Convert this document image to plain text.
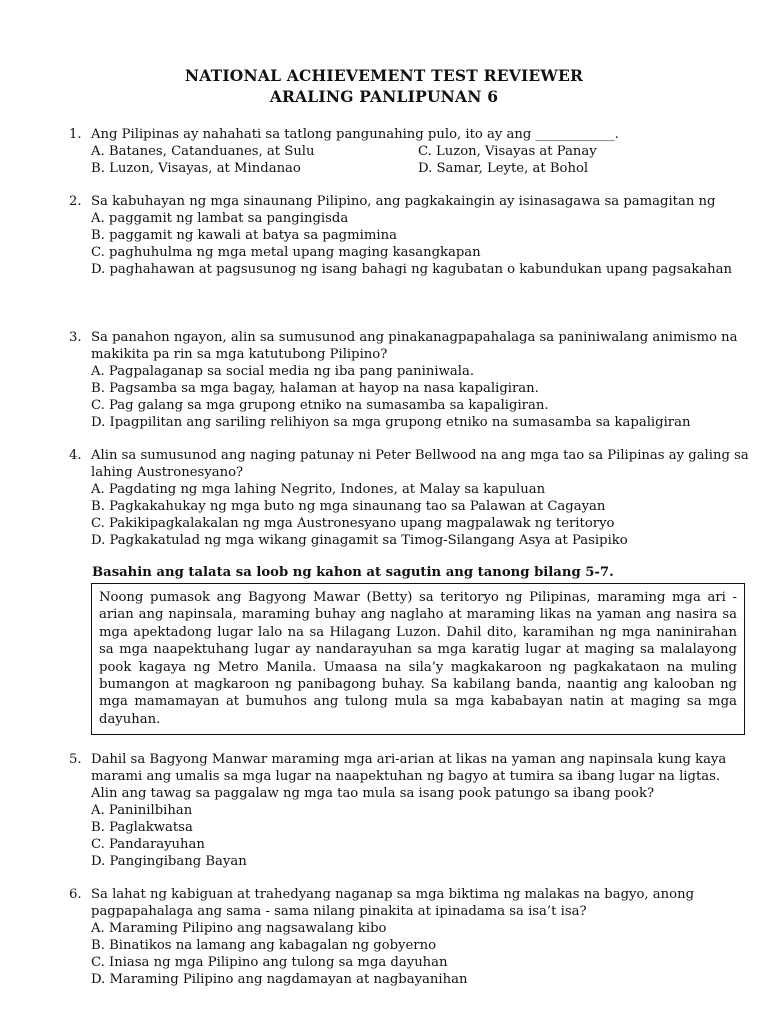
NATIONAL ACHIEVEMENT TEST REVIEWER
ARALING PANLIPUNAN 6
1. Ang Pilipinas ay nahahati sa tatlong pangunahing pulo, ito ay ang ____________.
A. Batanes, Catanduanes, at Sulu	C. Luzon, Visayas at Panay
B. Luzon, Visayas, at Mindanao	D. Samar, Leyte, at Bohol
2. Sa kabuhayan ng mga sinaunang Pilipino, ang pagkakaingin ay isinasagawa sa pamagitan ng
A. paggamit ng lambat sa pangingisda
B. paggamit ng kawali at batya sa pagmimina
C. paghuhulma ng mga metal upang maging kasangkapan
D. paghahawan at pagsusunog ng isang bahagi ng kagubatan o kabundukan upang pagsakahan
3. Sa panahon ngayon, alin sa sumusunod ang pinakanagpapahalaga sa paniniwalang animismo na makikita pa rin sa mga katutubong Pilipino?
A. Pagpalaganap sa social media ng iba pang paniniwala.
B. Pagsamba sa mga bagay, halaman at hayop na nasa kapaligiran.
C. Pag galang sa mga grupong etniko na sumasamba sa kapaligiran.
D. Ipagpilitan ang sariling relihiyon sa mga grupong etniko na sumasamba sa kapaligiran
4. Alin sa sumusunod ang naging patunay ni Peter Bellwood na ang mga tao sa Pilipinas ay galing sa lahing Austronesyano?
A. Pagdating ng mga lahing Negrito, Indones, at Malay sa kapuluan
B. Pagkakahukay ng mga buto ng mga sinaunang tao sa Palawan at Cagayan
C. Pakikipagkalakalan ng mga Austronesyano upang magpalawak ng teritoryo
D. Pagkakatulad ng mga wikang ginagamit sa Timog-Silangang Asya at Pasipiko
Basahin ang talata sa loob ng kahon at sagutin ang tanong bilang 5-7.
Noong pumasok ang Bagyong Mawar (Betty) sa teritoryo ng Pilipinas, maraming mga ari - arian ang napinsala, maraming buhay ang naglaho at maraming likas na yaman ang nasira sa mga apektadong lugar lalo na sa Hilagang Luzon. Dahil dito, karamihan ng mga naninirahan sa mga naapektuhang lugar ay nandarayuhan sa mga karatig lugar at maging sa malalayong pook kagaya ng Metro Manila. Umaasa na sila’y magkakaroon ng pagkakataon na muling bumangon at magkaroon ng panibagong buhay. Sa kabilang banda, naantig ang kalooban ng mga mamamayan at bumuhos ang tulong mula sa mga kababayan natin at maging sa mga dayuhan.
5. Dahil sa Bagyong Manwar maraming mga ari-arian at likas na yaman ang napinsala kung kaya marami ang umalis sa mga lugar na naapektuhan ng bagyo at tumira sa ibang lugar na ligtas. Alin ang tawag sa paggalaw ng mga tao mula sa isang pook patungo sa ibang pook?
A. Paninilbihan
B. Paglakwatsa
C. Pandarayuhan
D. Pangingibang Bayan
6. Sa lahat ng kabiguan at trahedyang naganap sa mga biktima ng malakas na bagyo, anong pagpapahalaga ang sama - sama nilang pinakita at ipinadama sa isa’t isa?
A. Maraming Pilipino ang nagsawalang kibo
B. Binatikos na lamang ang kabagalan ng gobyerno
C. Iniasa ng mga Pilipino ang tulong sa mga dayuhan
D. Maraming Pilipino ang nagdamayan at nagbayanihan
